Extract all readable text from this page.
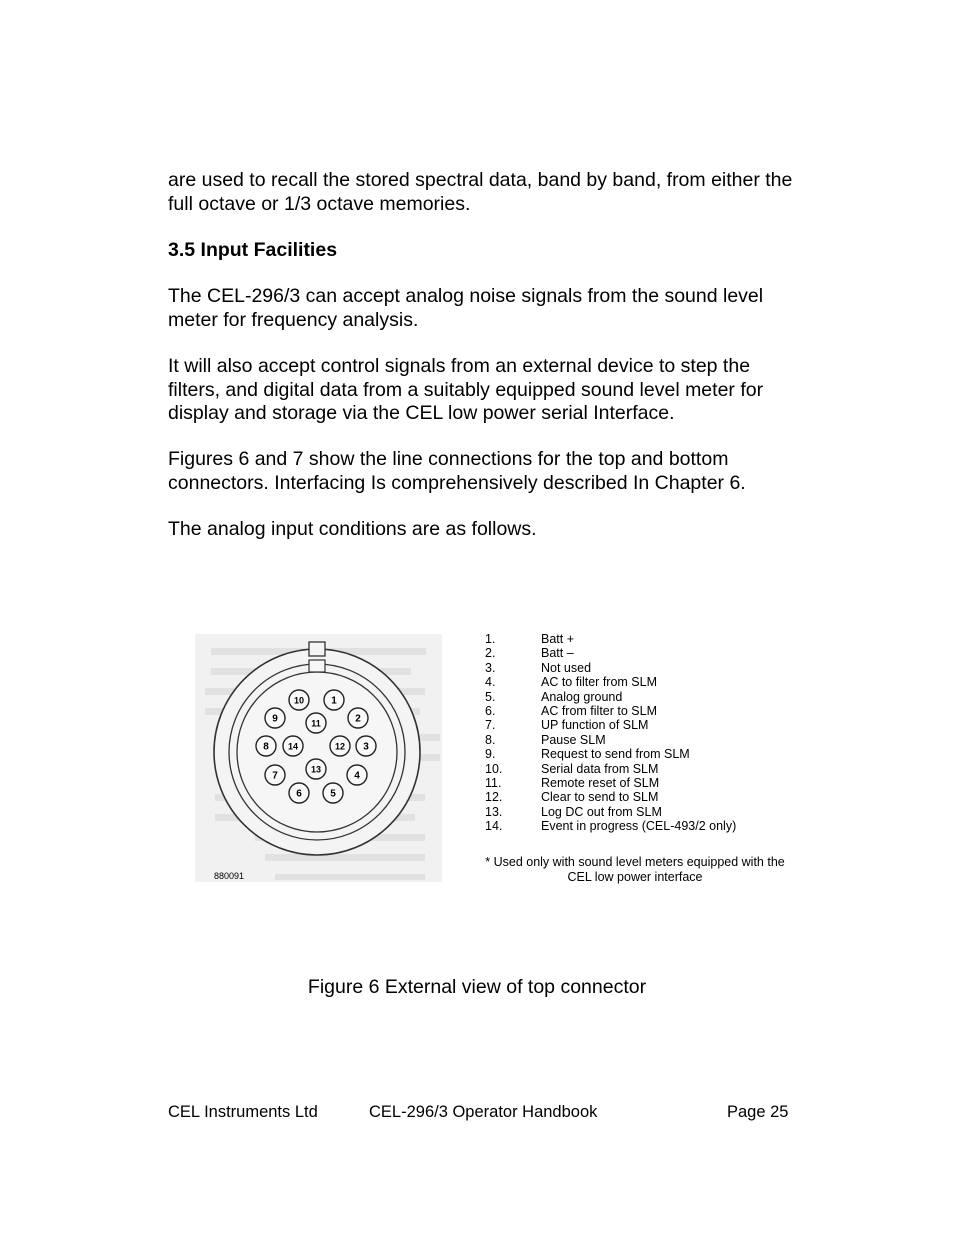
are used to recall the stored spectral data, band by band, from either the full octave or 1/3 octave memories.

3.5 Input Facilities

The CEL-296/3 can accept analog noise signals from the sound level meter for frequency analysis.

It will also accept control signals from an external device to step the filters, and digital data from a suitably equipped sound level meter for display and storage via the CEL low power serial Interface.

Figures 6 and 7 show the line connections for the top and bottom connectors. Interfacing Is comprehensively described In Chapter 6.

The analog input conditions are as follows.

1
2
3
4
5
6
7
8
9
10
11
12
13
14
880091
1.	Batt +
2.	Batt –
3.	Not used
4.	AC to filter from SLM
5.	Analog ground
6.	AC from filter to SLM
7.	UP function of SLM
8.	Pause SLM
9.	Request to send from SLM
10.	Serial data from SLM
11.	Remote reset of SLM
12.	Clear to send to SLM
13.	Log DC out from SLM
14.	Event in progress (CEL-493/2 only)
* Used only with sound level meters equipped with the
CEL low power interface
Figure 6 External view of top connector
CEL Instruments Ltd	CEL-296/3 Operator Handbook	Page 25
